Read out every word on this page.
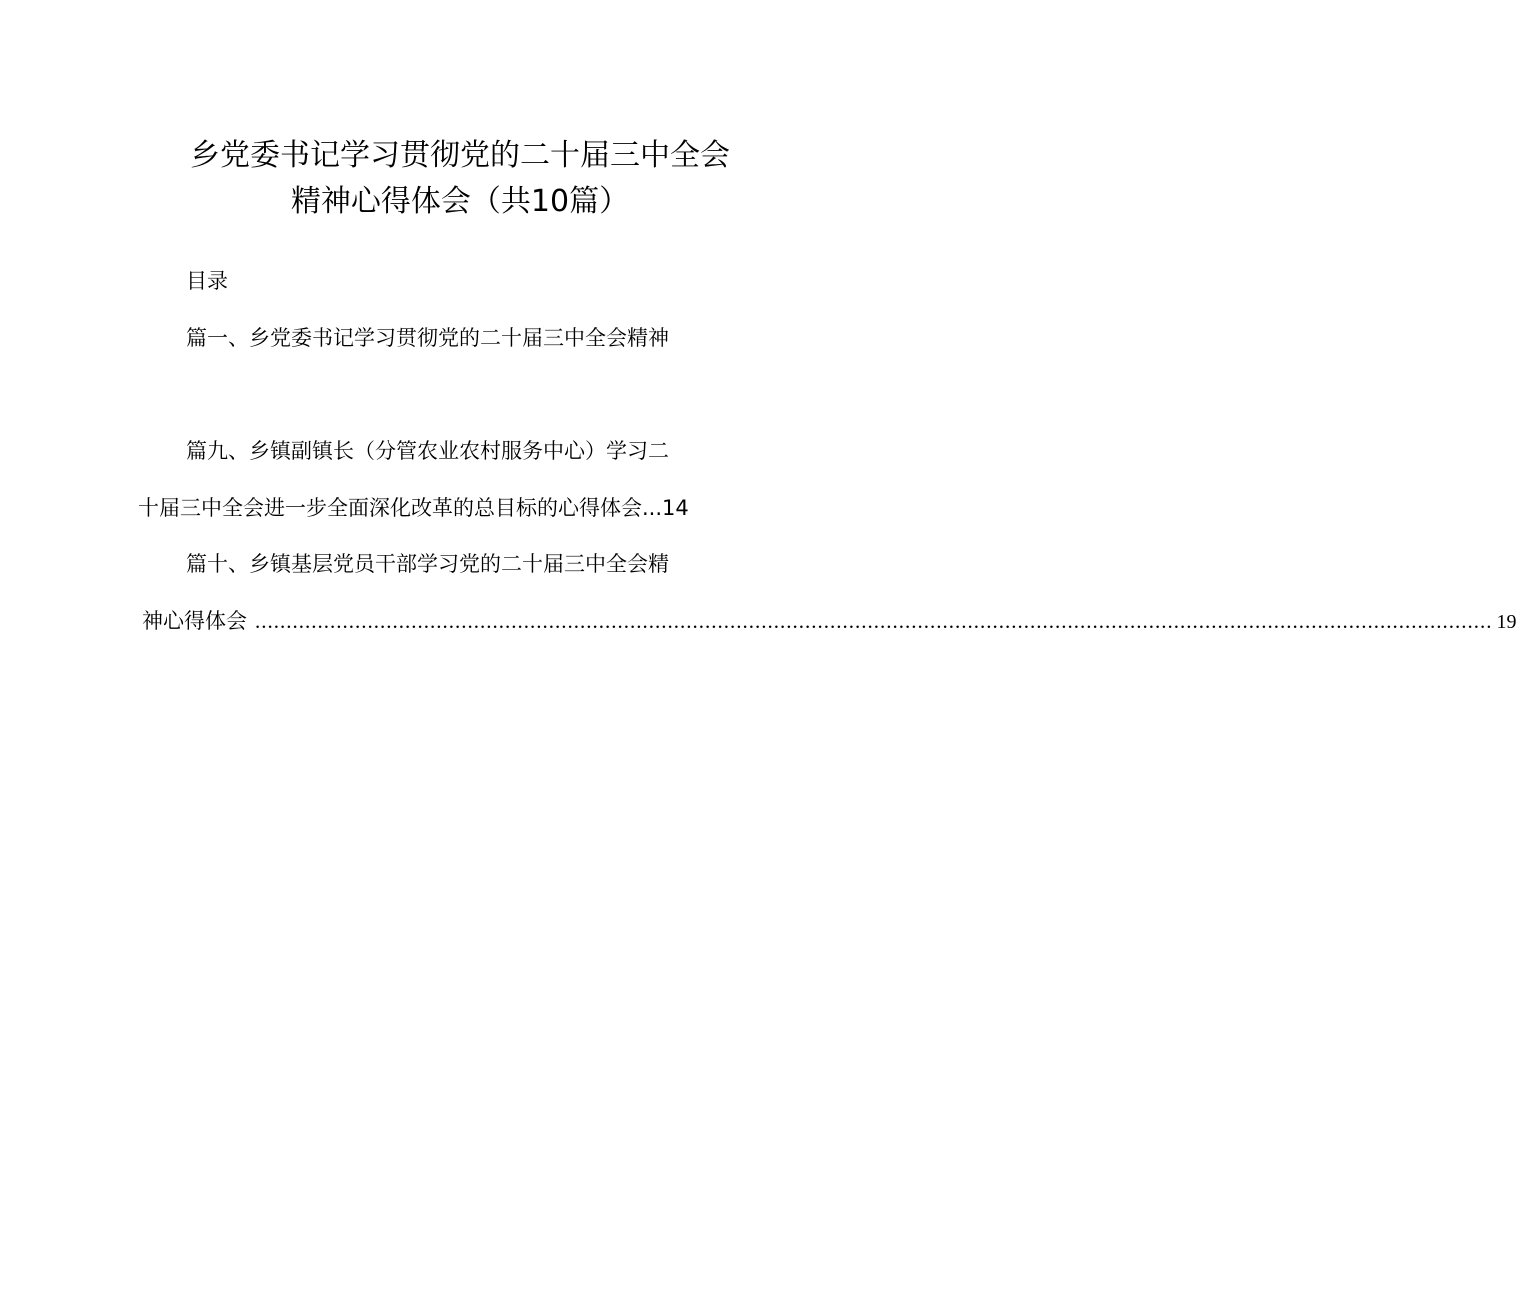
乡党委书记学习贯彻党的二十届三中全会
精神心得体会（共10篇）
目录
篇一、乡党委书记学习贯彻党的二十届三中全会精神
篇九、乡镇副镇长（分管农业农村服务中心）学习二
十届三中全会进一步全面深化改革的总目标的心得体会...14
篇十、乡镇基层党员干部学习党的二十届三中全会精
神心得体会 ...................................................................................................................................................................................................... 19
